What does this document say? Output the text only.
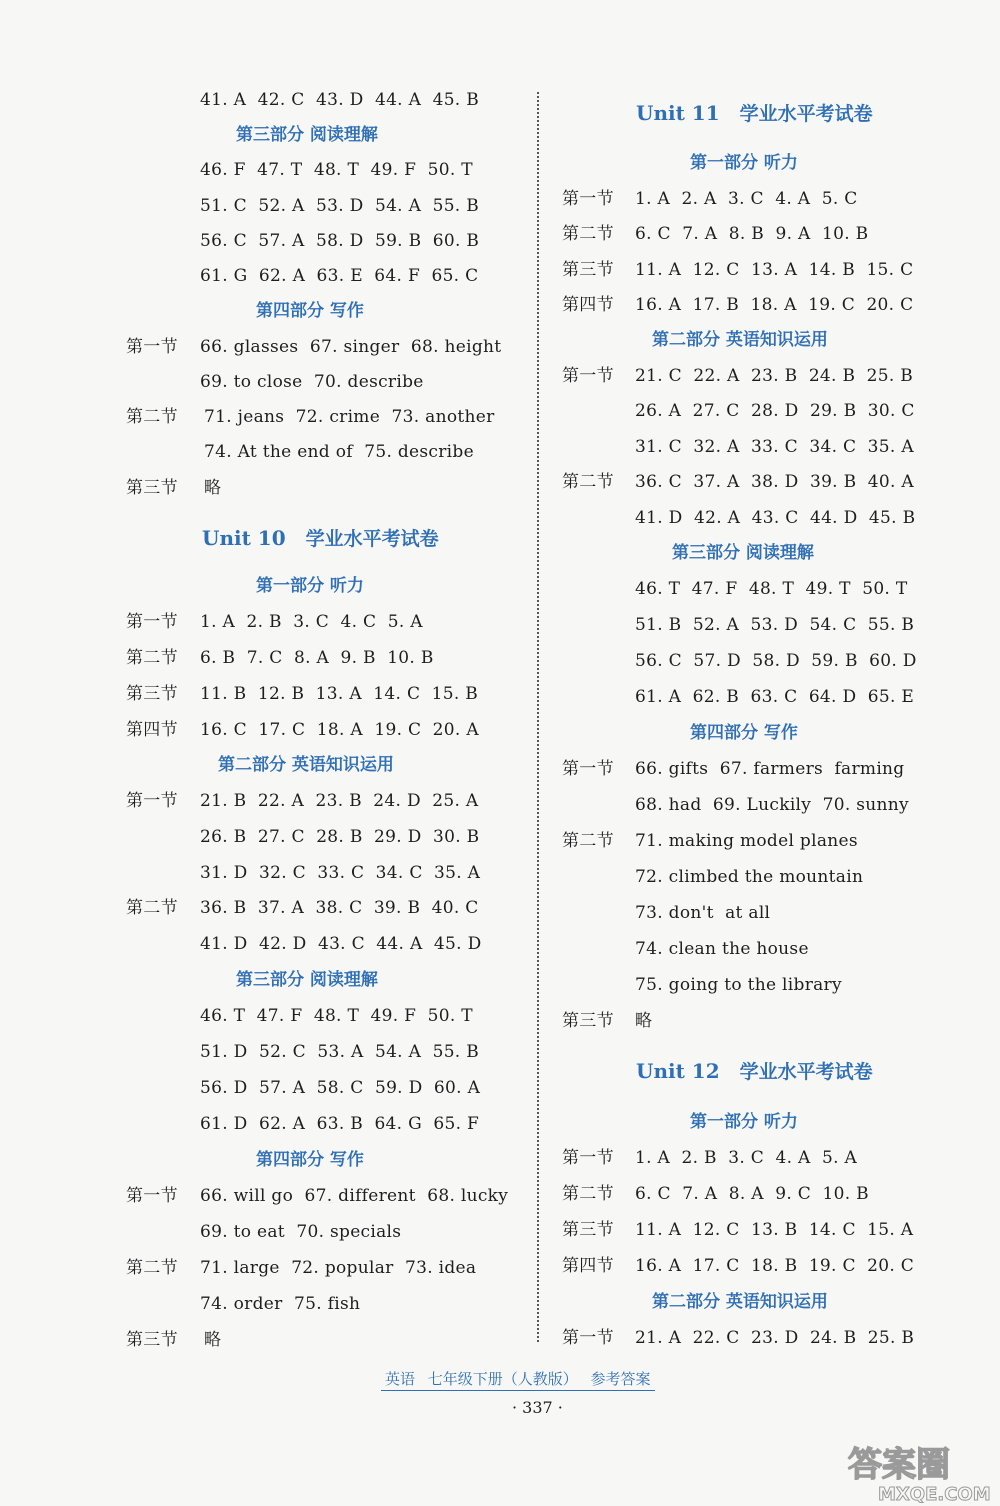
41. A  42. C  43. D  44. A  45. B
第三部分 阅读理解
46. F  47. T  48. T  49. F  50. T
51. C  52. A  53. D  54. A  55. B
56. C  57. A  58. D  59. B  60. B
61. G  62. A  63. E  64. F  65. C
第四部分 写作
第一节	66. glasses  67. singer  68. height
69. to close  70. describe
第二节	71. jeans  72. crime  73. another
74. At the end of  75. describe
第三节	略
Unit 10 学业水平考试卷
第一部分 听力
第一节	1. A  2. B  3. C  4. C  5. A
第二节	6. B  7. C  8. A  9. B  10. B
第三节	11. B  12. B  13. A  14. C  15. B
第四节	16. C  17. C  18. A  19. C  20. A
第二部分 英语知识运用
第一节	21. B  22. A  23. B  24. D  25. A
26. B  27. C  28. B  29. D  30. B
31. D  32. C  33. C  34. C  35. A
第二节	36. B  37. A  38. C  39. B  40. C
41. D  42. D  43. C  44. A  45. D
第三部分 阅读理解
46. T  47. F  48. T  49. F  50. T
51. D  52. C  53. A  54. A  55. B
56. D  57. A  58. C  59. D  60. A
61. D  62. A  63. B  64. G  65. F
第四部分 写作
第一节	66. will go  67. different  68. lucky
69. to eat  70. specials
第二节	71. large  72. popular  73. idea
74. order  75. fish
第三节	略
Unit 11 学业水平考试卷
第一部分 听力
第一节	1. A  2. A  3. C  4. A  5. C
第二节	6. C  7. A  8. B  9. A  10. B
第三节	11. A  12. C  13. A  14. B  15. C
第四节	16. A  17. B  18. A  19. C  20. C
第二部分 英语知识运用
第一节	21. C  22. A  23. B  24. B  25. B
26. A  27. C  28. D  29. B  30. C
31. C  32. A  33. C  34. C  35. A
第二节	36. C  37. A  38. D  39. B  40. A
41. D  42. A  43. C  44. D  45. B
第三部分 阅读理解
46. T  47. F  48. T  49. T  50. T
51. B  52. A  53. D  54. C  55. B
56. C  57. D  58. D  59. B  60. D
61. A  62. B  63. C  64. D  65. E
第四部分 写作
第一节	66. gifts  67. farmers  farming
68. had  69. Luckily  70. sunny
第二节	71. making model planes
72. climbed the mountain
73. don't  at all
74. clean the house
75. going to the library
第三节	略
Unit 12 学业水平考试卷
第一部分 听力
第一节	1. A  2. B  3. C  4. A  5. A
第二节	6. C  7. A  8. A  9. C  10. B
第三节	11. A  12. C  13. B  14. C  15. A
第四节	16. A  17. C  18. B  19. C  20. C
第二部分 英语知识运用
第一节	21. A  22. C  23. D  24. B  25. B
英语 七年级下册（人教版） 参考答案
· 337 ·
答案圈
MXQE.COM
